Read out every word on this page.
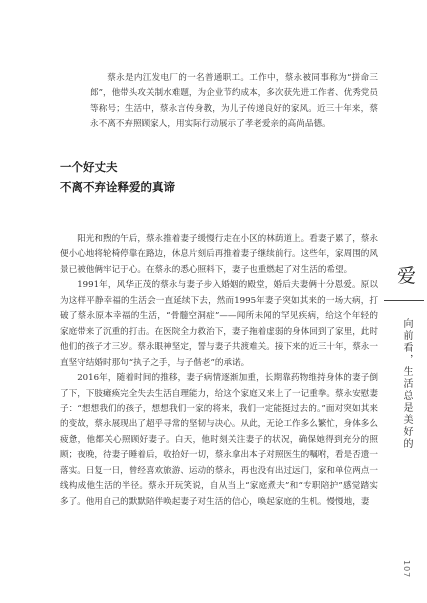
蔡永是内江发电厂的一名普通职工。工作中，蔡永被同事称为“拼命三郎”，他带头攻关制水难题，为企业节约成本，多次获先进工作者、优秀党员等称号；生活中，蔡永言传身教，为儿子传递良好的家风。近三十年来，蔡永不离不弃照顾家人，用实际行动展示了孝老爱亲的高尚品德。

一个好丈夫
不离不弃诠释爱的真谛

阳光和煦的午后，蔡永推着妻子缓慢行走在小区的林荫道上。看妻子累了，蔡永便小心地将轮椅停靠在路边，休息片刻后再推着妻子继续前行。这些年，家周围的风景已被他俩牢记于心。在蔡永的悉心照料下，妻子也重燃起了对生活的希望。

1991年，风华正茂的蔡永与妻子步入婚姻的殿堂，婚后夫妻俩十分恩爱。原以为这样平静幸福的生活会一直延续下去，然而1995年妻子突如其来的一场大病，打破了蔡永原本幸福的生活，“骨髓空洞症”——闻所未闻的罕见疾病，给这个年轻的家庭带来了沉重的打击。在医院全力救治下，妻子拖着虚弱的身体回到了家里，此时他们的孩子才三岁。蔡永眼神坚定，誓与妻子共渡难关。接下来的近三十年，蔡永一直坚守结婚时那句“执子之手，与子偕老”的承诺。

2016年，随着时间的推移，妻子病情逐渐加重，长期靠药物维持身体的妻子倒了下，下肢瘫痪完全失去生活自理能力，给这个家庭又来上了一记重拳。蔡永安慰妻子：“想想我们的孩子，想想我们一家的将来，我们一定能挺过去的。”面对突如其来的变故，蔡永展现出了超乎寻常的坚韧与决心。从此，无论工作多么繁忙，身体多么疲惫，他都关心照顾好妻子。白天，他时刻关注妻子的状况，确保她得到充分的照顾；夜晚，待妻子睡着后，收拾好一切，蔡永拿出本子对照医生的嘱咐，看是否遗一落实。日复一日，曾经喜欢旅游、运动的蔡永，再也没有出过远门，家和单位两点一线构成他生活的半径。蔡永开玩笑说，自从当上“家庭煮夫”和“专职陪护”感觉踏实多了。他用自己的默默陪伴唤起妻子对生活的信心，唤起家庭的生机。慢慢地，妻

爱
向前看，生活总是美好的
107
